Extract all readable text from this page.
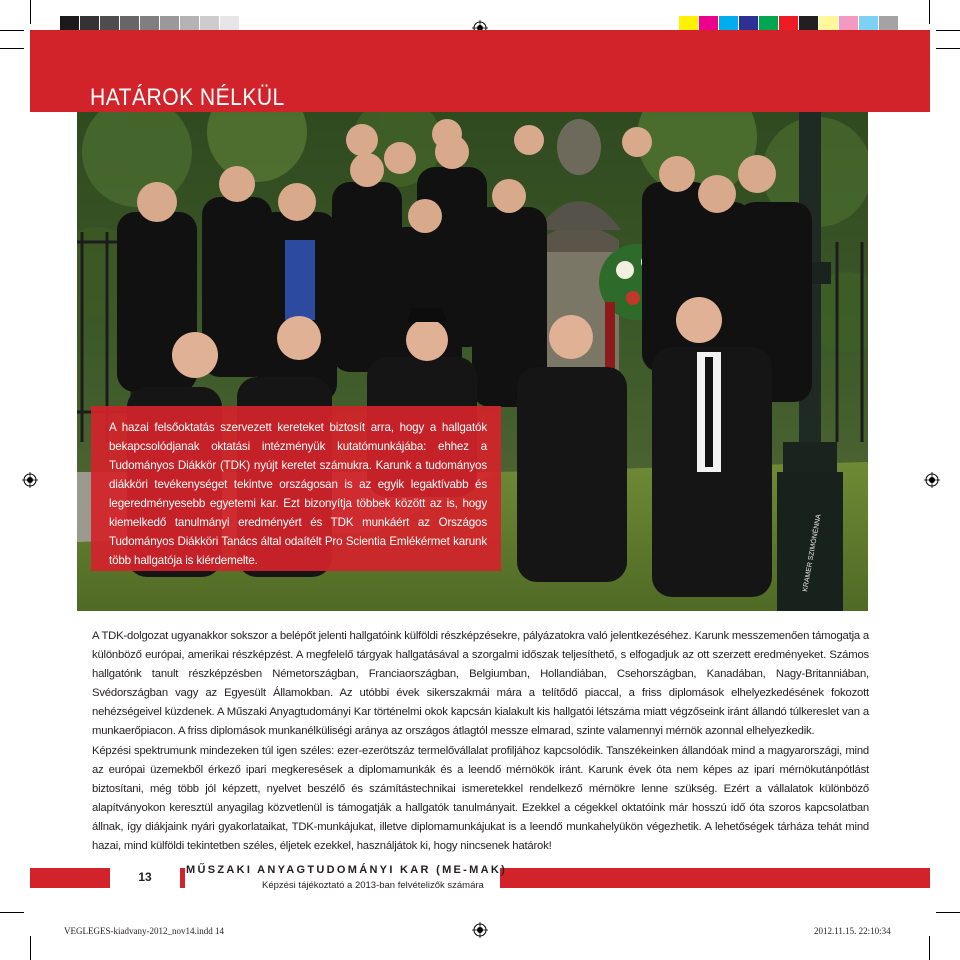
HATÁROK NÉLKÜL
KRAMER SZIMÓNÉNNA

A hazai felsőoktatás szervezett kereteket biztosít arra, hogy a hallgatók bekapcsolódjanak oktatási intézményük kutatómunkájába: ehhez a Tudományos Diákkör (TDK) nyújt keretet számukra. Karunk a tudományos diákköri tevékenységet tekintve országosan is az egyik legaktívabb és legeredményesebb egyetemi kar. Ezt bizonyítja többek között az is, hogy kiemelkedő tanulmányi eredményért és TDK munkáért az Országos Tudományos Diákköri Tanács által odaítélt Pro Scientia Emlékérmet karunk több hallgatója is kiérdemelte.

A TDK-dolgozat ugyanakkor sokszor a belépőt jelenti hallgatóink külföldi részképzésekre, pályázatokra való jelentkezéséhez. Karunk messzemenően támogatja a különböző európai, amerikai részképzést. A megfelelő tárgyak hallgatásával a szorgalmi időszak teljesíthető, s elfogadjuk az ott szerzett eredményeket. Számos hallgatónk tanult részképzésben Németországban, Franciaországban, Belgiumban, Hollandiában, Csehországban, Kanadában, Nagy-Britanniában, Svédországban vagy az Egyesült Államokban. Az utóbbi évek sikerszakmái mára a telítődő piaccal, a friss diplomások elhelyezkedésének fokozott nehézségeivel küzdenek. A Műszaki Anyagtudományi Kar történelmi okok kapcsán kialakult kis hallgatói létszáma miatt végzőseink iránt állandó túlkereslet van a munkaerőpiacon. A friss diplomások munkanélküliségi aránya az országos átlagtól messze elmarad, szinte valamennyi mérnök azonnal elhelyezkedik.

Képzési spektrumunk mindezeken túl igen széles: ezer-ezerötszáz termelővállalat profiljához kapcsolódik. Tanszékeinken állandóak mind a magyarországi, mind az európai üzemekből érkező ipari megkeresések a diplomamunkák és a leendő mérnökök iránt. Karunk évek óta nem képes az ipari mérnökutánpótlást biztosítani, még több jól képzett, nyelvet beszélő és számítástechnikai ismeretekkel rendelkező mérnökre lenne szükség. Ezért a vállalatok különböző alapítványokon keresztül anyagilag közvetlenül is támogatják a hallgatók tanulmányait. Ezekkel a cégekkel oktatóink már hosszú idő óta szoros kapcsolatban állnak, így diákjaink nyári gyakorlataikat, TDK-munkájukat, illetve diplomamunkájukat is a leendő munkahelyükön végezhetik. A lehetőségek tárháza tehát mind hazai, mind külföldi tekintetben széles, éljetek ezekkel, használjátok ki, hogy nincsenek határok!

13	MŰSZAKI ANYAGTUDOMÁNYI KAR (ME-MAK)
Képzési tájékoztató a 2013-ban felvételizők számára
VEGLEGES-kiadvany-2012_nov14.indd 14	2012.11.15. 22:10:34
